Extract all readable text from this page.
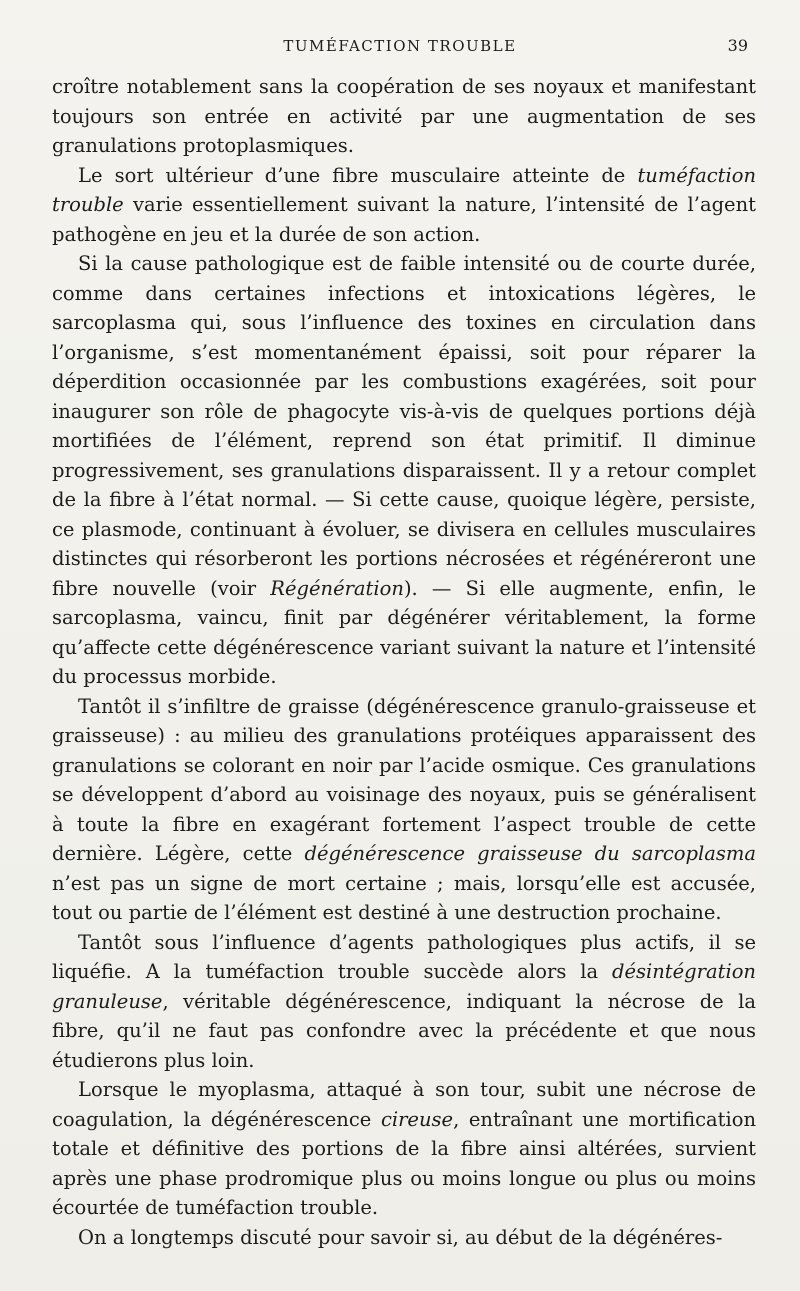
TUMÉFACTION TROUBLE	39

croître notablement sans la coopération de ses noyaux et manifestant toujours son entrée en activité par une augmentation de ses granulations protoplasmiques.

Le sort ultérieur d’une fibre musculaire atteinte de tuméfaction trouble varie essentiellement suivant la nature, l’intensité de l’agent pathogène en jeu et la durée de son action.

Si la cause pathologique est de faible intensité ou de courte durée, comme dans certaines infections et intoxications légères, le sarcoplasma qui, sous l’influence des toxines en circulation dans l’organisme, s’est momentanément épaissi, soit pour réparer la déperdition occasionnée par les combustions exagérées, soit pour inaugurer son rôle de phagocyte vis-à-vis de quelques portions déjà mortifiées de l’élément, reprend son état primitif. Il diminue progressivement, ses granulations disparaissent. Il y a retour complet de la fibre à l’état normal. — Si cette cause, quoique légère, persiste, ce plasmode, continuant à évoluer, se divisera en cellules musculaires distinctes qui résorberont les portions nécrosées et régénéreront une fibre nouvelle (voir Régénération). — Si elle augmente, enfin, le sarcoplasma, vaincu, finit par dégénérer véritablement, la forme qu’affecte cette dégénérescence variant suivant la nature et l’intensité du processus morbide.

Tantôt il s’infiltre de graisse (dégénérescence granulo-graisseuse et graisseuse) : au milieu des granulations protéiques apparaissent des granulations se colorant en noir par l’acide osmique. Ces granulations se développent d’abord au voisinage des noyaux, puis se généralisent à toute la fibre en exagérant fortement l’aspect trouble de cette dernière. Légère, cette dégénérescence graisseuse du sarcoplasma n’est pas un signe de mort certaine ; mais, lorsqu’elle est accusée, tout ou partie de l’élément est destiné à une destruction prochaine.

Tantôt sous l’influence d’agents pathologiques plus actifs, il se liquéfie. A la tuméfaction trouble succède alors la désintégration granuleuse, véritable dégénérescence, indiquant la nécrose de la fibre, qu’il ne faut pas confondre avec la précédente et que nous étudierons plus loin.

Lorsque le myoplasma, attaqué à son tour, subit une nécrose de coagulation, la dégénérescence cireuse, entraînant une mortification totale et définitive des portions de la fibre ainsi altérées, survient après une phase prodromique plus ou moins longue ou plus ou moins écourtée de tuméfaction trouble.

On a longtemps discuté pour savoir si, au début de la dégénéres-
